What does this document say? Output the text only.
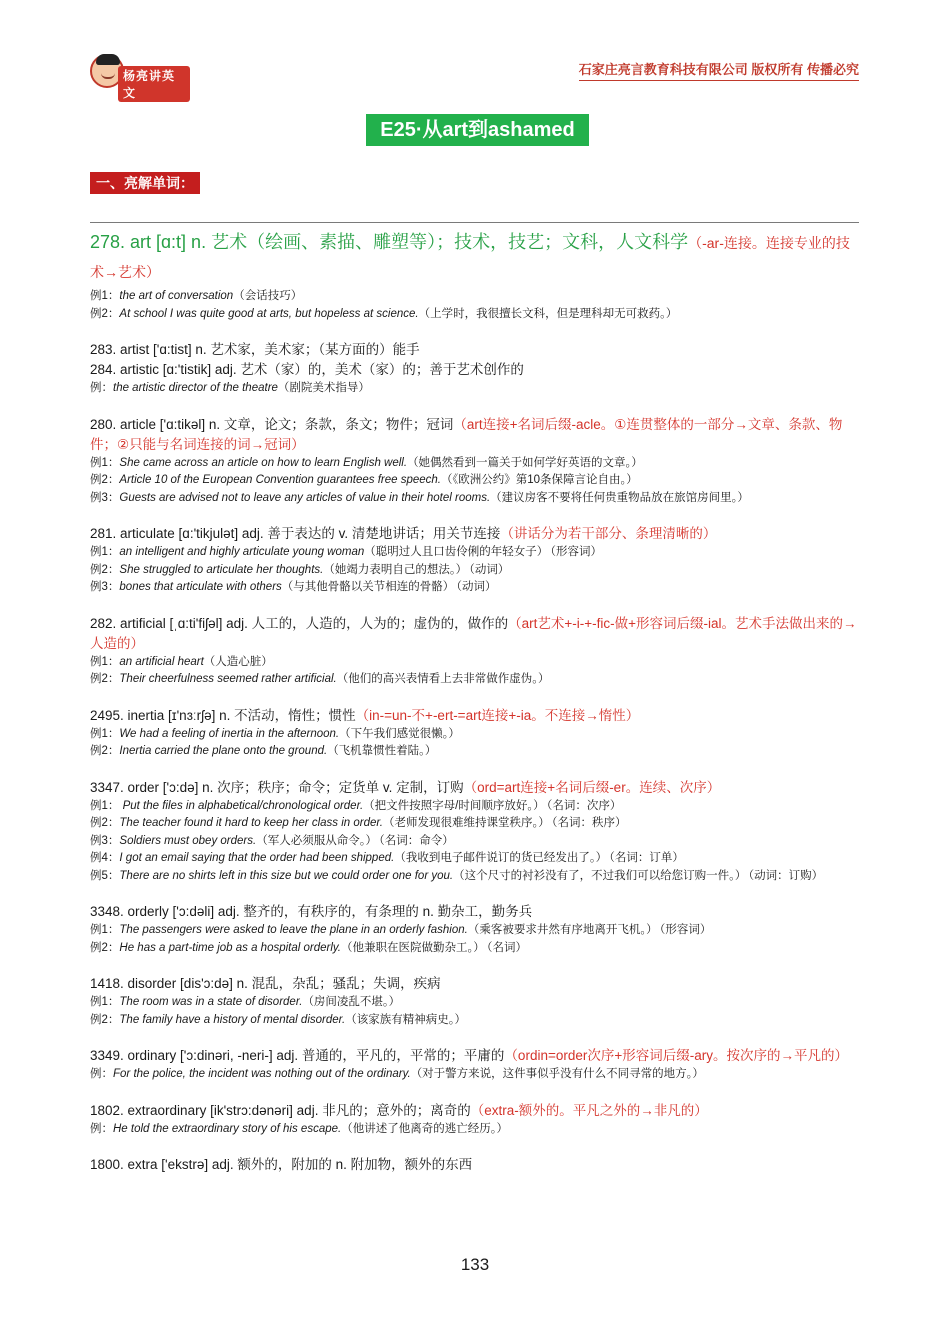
杨亮讲英文
石家庄亮言教育科技有限公司 版权所有 传播必究
E25·从art到ashamed
一、亮解单词：

278. art [ɑ:t] n. 艺术（绘画、素描、雕塑等）；技术，技艺；文科，人文科学（-ar-连接。连接专业的技术→艺术）

例1：the art of conversation（会话技巧）

例2：At school I was quite good at arts, but hopeless at science.（上学时，我很擅长文科，但是理科却无可救药。）

283. artist ['ɑ:tist] n. 艺术家，美术家；（某方面的）能手

284. artistic [ɑ:'tistik] adj. 艺术（家）的，美术（家）的；善于艺术创作的

例：the artistic director of the theatre（剧院美术指导）

280. article ['ɑ:tikəl] n. 文章，论文；条款，条文；物件；冠词（art连接+名词后缀-acle。①连贯整体的一部分→文章、条款、物件；②只能与名词连接的词→冠词）

例1：She came across an article on how to learn English well.（她偶然看到一篇关于如何学好英语的文章。）

例2：Article 10 of the European Convention guarantees free speech.（《欧洲公约》第10条保障言论自由。）

例3：Guests are advised not to leave any articles of value in their hotel rooms.（建议房客不要将任何贵重物品放在旅馆房间里。）

281. articulate [ɑ:'tikjulət] adj. 善于表达的 v. 清楚地讲话；用关节连接（讲话分为若干部分、条理清晰的）

例1：an intelligent and highly articulate young woman（聪明过人且口齿伶俐的年轻女子） （形容词）

例2：She struggled to articulate her thoughts.（她竭力表明自己的想法。） （动词）

例3：bones that articulate with others（与其他骨骼以关节相连的骨骼） （动词）

282. artificial [ˌɑ:ti'fiʃəl] adj. 人工的，人造的，人为的；虚伪的，做作的（art艺术+-i-+-fic-做+形容词后缀-ial。艺术手法做出来的→人造的）

例1：an artificial heart（人造心脏）

例2：Their cheerfulness seemed rather artificial.（他们的高兴表情看上去非常做作虚伪。）

2495. inertia [ɪ'nɜːrʃə] n. 不活动，惰性；惯性（in-=un-不+-ert-=art连接+-ia。不连接→惰性）

例1：We had a feeling of inertia in the afternoon.（下午我们感觉很懒。）

例2：Inertia carried the plane onto the ground.（飞机靠惯性着陆。）

3347. order ['ɔ:də] n. 次序；秩序；命令；定货单 v. 定制，订购（ord=art连接+名词后缀-er。连续、次序）

例1： Put the files in alphabetical/chronological order.（把文件按照字母/时间顺序放好。） （名词：次序）

例2：The teacher found it hard to keep her class in order.（老师发现很难维持课堂秩序。） （名词：秩序）

例3：Soldiers must obey orders.（军人必须服从命令。） （名词：命令）

例4：I got an email saying that the order had been shipped.（我收到电子邮件说订的货已经发出了。） （名词：订单）

例5：There are no shirts left in this size but we could order one for you.（这个尺寸的衬衫没有了，不过我们可以给您订购一件。） （动词：订购）

3348. orderly ['ɔ:dəli] adj. 整齐的，有秩序的，有条理的 n. 勤杂工，勤务兵

例1：The passengers were asked to leave the plane in an orderly fashion.（乘客被要求井然有序地离开飞机。） （形容词）

例2：He has a part-time job as a hospital orderly.（他兼职在医院做勤杂工。） （名词）

1418. disorder [dis'ɔ:də] n. 混乱，杂乱；骚乱；失调，疾病

例1：The room was in a state of disorder.（房间凌乱不堪。）

例2：The family have a history of mental disorder.（该家族有精神病史。）

3349. ordinary ['ɔ:dinəri, -neri-] adj. 普通的，平凡的，平常的；平庸的（ordin=order次序+形容词后缀-ary。按次序的→平凡的）

例：For the police, the incident was nothing out of the ordinary.（对于警方来说，这件事似乎没有什么不同寻常的地方。）

1802. extraordinary [ik'strɔ:dənəri] adj. 非凡的；意外的；离奇的（extra-额外的。平凡之外的→非凡的）

例：He told the extraordinary story of his escape.（他讲述了他离奇的逃亡经历。）

1800. extra ['ekstrə] adj. 额外的，附加的 n. 附加物，额外的东西

133
